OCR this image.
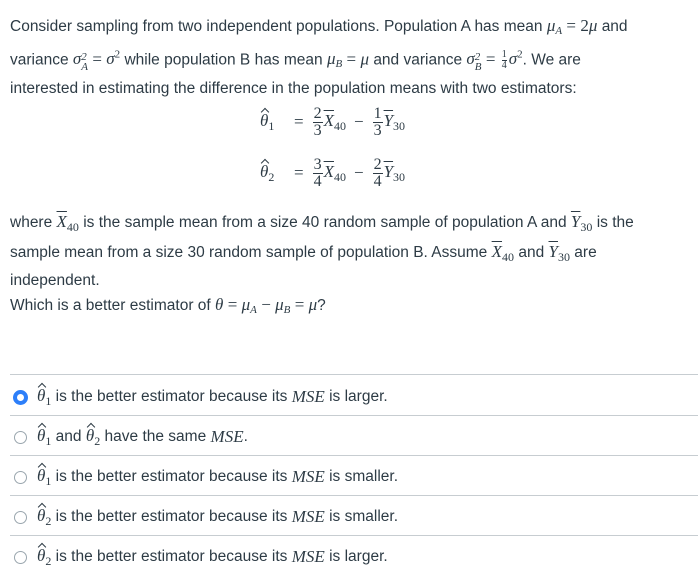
Consider sampling from two independent populations. Population A has mean $\mu_A = 2\mu$ and
variance σ 2
$A = \sigma^2$ while population B has mean $\mu_B = \mu$ and variance σ 2
$B = \frac{1}{4} \sigma^2$. We are
interested in estimating the difference in the population means with two estimators:

$\theta_1$	= $\frac{2}{3} \overline{X}_{40} - \frac{1}{3} \overline{Y}_{30}$
$\theta_2$	= $\frac{3}{4} \overline{X}_{40} - \frac{2}{4} \overline{Y}_{30}$

where $\overline{X}_{40}$ is the sample mean from a size 40 random sample of population A and $\overline{Y}_{30}$ is the
sample mean from a size 30 random sample of population B. Assume $\overline{X}_{40}$ and $\overline{Y}_{30}$ are
independent.

Which is a better estimator of $\theta = \mu_A - \mu_B = \mu$?

$\theta_1$
is the better estimator because its
MSE
is larger.
$\theta_1$
and
$\theta_2$
have the same
MSE .
$\theta_1$
is the better estimator because its
MSE
is smaller.
$\theta_2$
is the better estimator because its
MSE
is smaller.
$\theta_2$
is the better estimator because its
MSE
is larger.
